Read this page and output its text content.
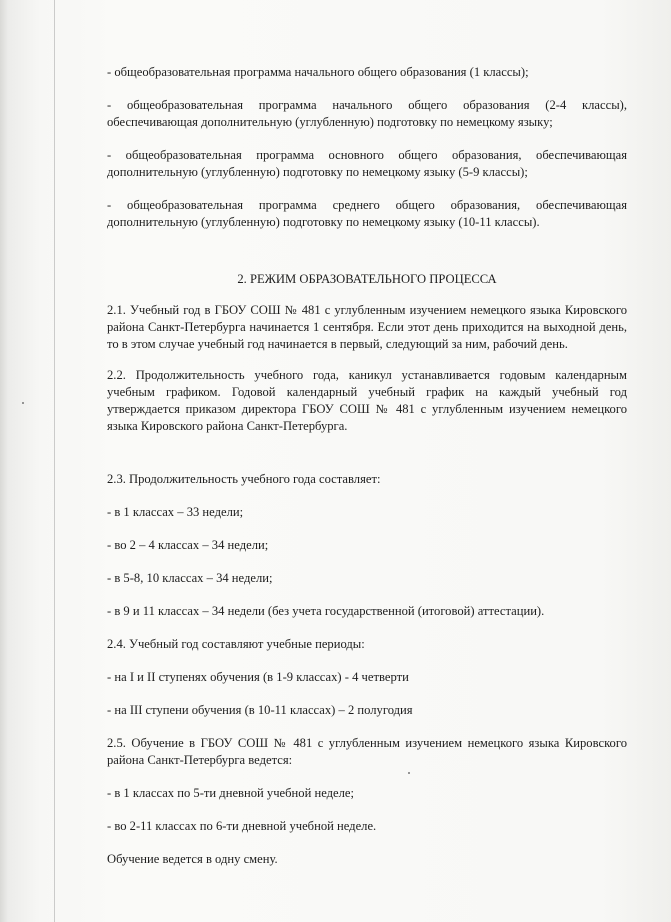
- общеобразовательная программа начального общего образования (1 классы);

- общеобразовательная программа начального общего образования (2-4 классы), обеспечивающая дополнительную (углубленную) подготовку по немецкому языку;

- общеобразовательная программа основного общего образования, обеспечивающая дополнительную (углубленную) подготовку по немецкому языку (5-9 классы);

- общеобразовательная программа среднего общего образования, обеспечивающая дополнительную (углубленную) подготовку по немецкому языку (10-11 классы).

2. РЕЖИМ ОБРАЗОВАТЕЛЬНОГО ПРОЦЕССА

2.1. Учебный год в ГБОУ СОШ № 481 с углубленным изучением немецкого языка Кировского района Санкт-Петербурга начинается 1 сентября. Если этот день приходится на выходной день, то в этом случае учебный год начинается в первый, следующий за ним, рабочий день.

2.2. Продолжительность учебного года, каникул устанавливается годовым календарным учебным графиком. Годовой календарный учебный график на каждый учебный год утверждается приказом директора ГБОУ СОШ № 481 с углубленным изучением немецкого языка Кировского района Санкт-Петербурга.

2.3. Продолжительность учебного года составляет:

- в 1 классах – 33 недели;

- во 2 – 4 классах – 34 недели;

- в 5-8, 10 классах – 34 недели;

- в 9 и 11 классах – 34 недели (без учета государственной (итоговой) аттестации).

2.4. Учебный год составляют учебные периоды:

- на I и II ступенях обучения (в 1-9 классах) - 4 четверти

- на III ступени обучения (в 10-11 классах) – 2 полугодия

2.5. Обучение в ГБОУ СОШ № 481 с углубленным изучением немецкого языка Кировского района Санкт-Петербурга ведется:

- в 1 классах по 5-ти дневной учебной неделе;

- во 2-11 классах по 6-ти дневной учебной неделе.

Обучение ведется в одну смену.
